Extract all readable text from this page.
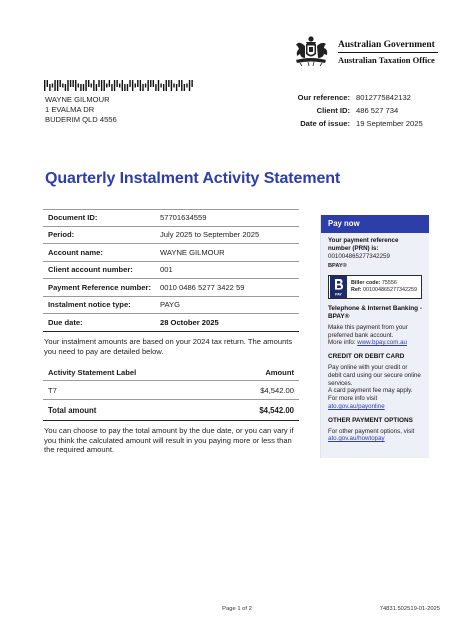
Australian Government
Australian Taxation Office
WAYNE GILMOUR
1 EVALMA DR
BUDERIM QLD 4556
Our reference: 8012775842132
Client ID: 486 527 734
Date of issue: 19 September 2025
Quarterly Instalment Activity Statement
Document ID:	57701634559
Period:	July 2025 to September 2025
Account name:	WAYNE GILMOUR
Client account number:	001
Payment Reference number:	0010 0486 5277 3422 59
Instalment notice type:	PAYG
Due date:	28 October 2025
Your instalment amounts are based on your 2024 tax return. The amounts you need to pay are detailed below.
Activity Statement Label	Amount
T7	$4,542.00
Total amount	$4,542.00
You can choose to pay the total amount by the due date, or you can vary if you think the calculated amount will result in you paying more or less than the required amount.
Pay now
Your payment reference number (PRN) is:
001004865277342259
BPAY®
PAY
Biller code: 75556
Ref: 001004865277342259
Telephone & Internet Banking - BPAY®
Make this payment from your preferred bank account.
More info: www.bpay.com.au
CREDIT OR DEBIT CARD
Pay online with your credit or debit card using our secure online services.
A card payment fee may apply.
For more info visit
ato.gov.au/payonline
OTHER PAYMENT OPTIONS
For other payment options, visit
ato.gov.au/howtopay
Page 1 of 2	74831.502519-01-2025
